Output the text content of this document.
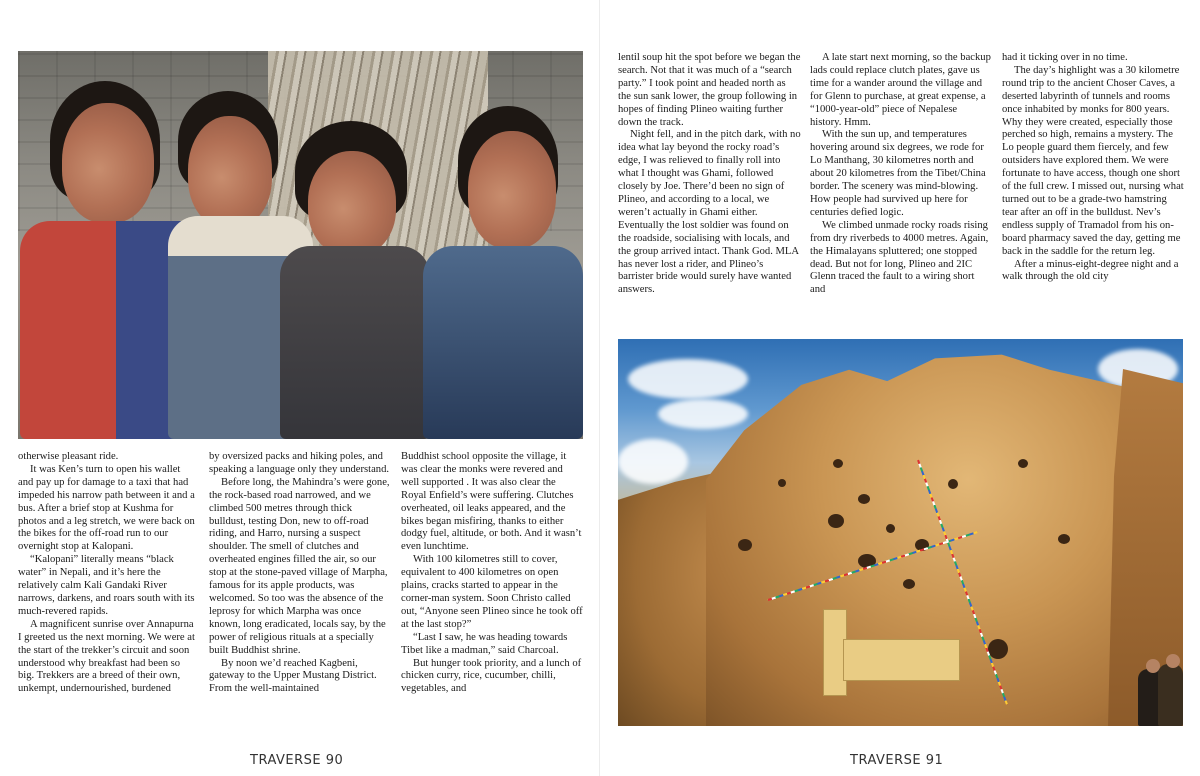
otherwise pleasant ride.

It was Ken’s turn to open his wallet and pay up for damage to a taxi that had impeded his narrow path between it and a bus. After a brief stop at Kushma for photos and a leg stretch, we were back on the bikes for the off-road run to our overnight stop at Kalopani.

“Kalopani” literally means “black water” in Nepali, and it’s here the relatively calm Kali Gandaki River narrows, darkens, and roars south with its much-revered rapids.

A magnificent sunrise over Annapurna I greeted us the next morning. We were at the start of the trekker’s circuit and soon understood why breakfast had been so big. Trekkers are a breed of their own, unkempt, undernourished, burdened

by oversized packs and hiking poles, and speaking a language only they understand.

Before long, the Mahindra’s were gone, the rock-based road narrowed, and we climbed 500 metres through thick bulldust, testing Don, new to off-road riding, and Harro, nursing a suspect shoulder. The smell of clutches and overheated engines filled the air, so our stop at the stone-paved village of Marpha, famous for its apple products, was welcomed. So too was the absence of the leprosy for which Marpha was once known, long eradicated, locals say, by the power of religious rituals at a specially built Buddhist shrine.

By noon we’d reached Kagbeni, gateway to the Upper Mustang District. From the well-maintained

Buddhist school opposite the village, it was clear the monks were revered and well supported . It was also clear the Royal Enfield’s were suffering. Clutches overheated, oil leaks appeared, and the bikes began misfiring, thanks to either dodgy fuel, altitude, or both. And it wasn’t even lunchtime.

With 100 kilometres still to cover, equivalent to 400 kilometres on open plains, cracks started to appear in the corner-man system. Soon Christo called out, “Anyone seen Plineo since he took off at the last stop?”

“Last I saw, he was heading towards Tibet like a madman,” said Charcoal.

But hunger took priority, and a lunch of chicken curry, rice, cucumber, chilli, vegetables, and

TRAVERSE 90

lentil soup hit the spot before we began the search. Not that it was much of a “search party.” I took point and headed north as the sun sank lower, the group following in hopes of finding Plineo waiting further down the track.

Night fell, and in the pitch dark, with no idea what lay beyond the rocky road’s edge, I was relieved to finally roll into what I thought was Ghami, followed closely by Joe. There’d been no sign of Plineo, and according to a local, we weren’t actually in Ghami either. Eventually the lost soldier was found on the roadside, socialising with locals, and the group arrived intact. Thank God. MLA has never lost a rider, and Plineo’s barrister bride would surely have wanted answers.

A late start next morning, so the backup lads could replace clutch plates, gave us time for a wander around the village and for Glenn to purchase, at great expense, a “1000-year-old” piece of Nepalese history. Hmm.

With the sun up, and temperatures hovering around six degrees, we rode for Lo Manthang, 30 kilometres north and about 20 kilometres from the Tibet/China border. The scenery was mind-blowing. How people had survived up here for centuries defied logic.

We climbed unmade rocky roads rising from dry riverbeds to 4000 metres. Again, the Himalayans spluttered; one stopped dead. But not for long, Plineo and 2IC Glenn traced the fault to a wiring short and

had it ticking over in no time.

The day’s highlight was a 30 kilometre round trip to the ancient Choser Caves, a deserted labyrinth of tunnels and rooms once inhabited by monks for 800 years. Why they were created, especially those perched so high, remains a mystery. The Lo people guard them fiercely, and few outsiders have explored them. We were fortunate to have access, though one short of the full crew. I missed out, nursing what turned out to be a grade-two hamstring tear after an off in the bulldust. Nev’s endless supply of Tramadol from his on-board pharmacy saved the day, getting me back in the saddle for the return leg.

After a minus-eight-degree night and a walk through the old city

TRAVERSE 91
